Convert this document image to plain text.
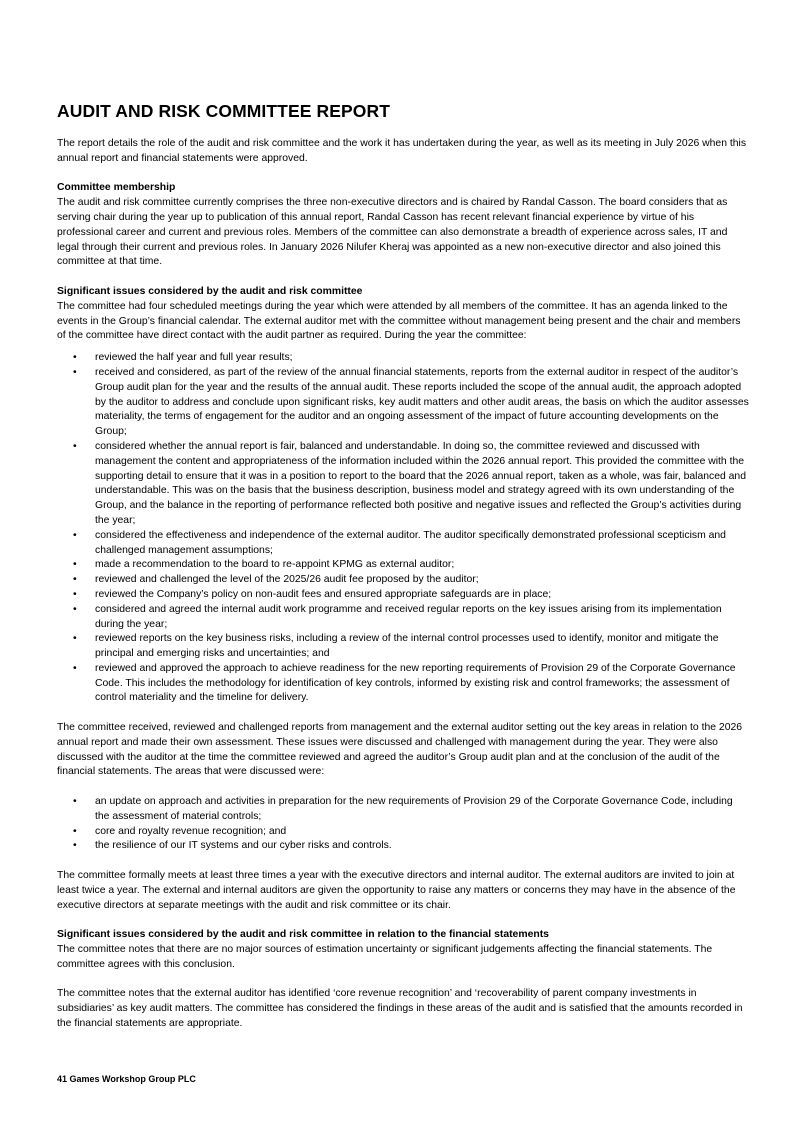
AUDIT AND RISK COMMITTEE REPORT

The report details the role of the audit and risk committee and the work it has undertaken during the year, as well as its meeting in July 2026 when this annual report and financial statements were approved.

Committee membership
The audit and risk committee currently comprises the three non-executive directors and is chaired by Randal Casson. The board considers that as serving chair during the year up to publication of this annual report, Randal Casson has recent relevant financial experience by virtue of his professional career and current and previous roles. Members of the committee can also demonstrate a breadth of experience across sales, IT and legal through their current and previous roles. In January 2026 Nilufer Kheraj was appointed as a new non-executive director and also joined this committee at that time.

Significant issues considered by the audit and risk committee
The committee had four scheduled meetings during the year which were attended by all members of the committee. It has an agenda linked to the events in the Group’s financial calendar. The external auditor met with the committee without management being present and the chair and members of the committee have direct contact with the audit partner as required. During the year the committee:
• reviewed the half year and full year results;
• received and considered, as part of the review of the annual financial statements, reports from the external auditor in respect of the auditor’s Group audit plan for the year and the results of the annual audit. These reports included the scope of the annual audit, the approach adopted by the auditor to address and conclude upon significant risks, key audit matters and other audit areas, the basis on which the auditor assesses materiality, the terms of engagement for the auditor and an ongoing assessment of the impact of future accounting developments on the Group;
• considered whether the annual report is fair, balanced and understandable. In doing so, the committee reviewed and discussed with management the content and appropriateness of the information included within the 2026 annual report. This provided the committee with the supporting detail to ensure that it was in a position to report to the board that the 2026 annual report, taken as a whole, was fair, balanced and understandable. This was on the basis that the business description, business model and strategy agreed with its own understanding of the Group, and the balance in the reporting of performance reflected both positive and negative issues and reflected the Group’s activities during the year;
• considered the effectiveness and independence of the external auditor. The auditor specifically demonstrated professional scepticism and challenged management assumptions;
• made a recommendation to the board to re-appoint KPMG as external auditor;
• reviewed and challenged the level of the 2025/26 audit fee proposed by the auditor;
• reviewed the Company’s policy on non-audit fees and ensured appropriate safeguards are in place;
• considered and agreed the internal audit work programme and received regular reports on the key issues arising from its implementation during the year;
• reviewed reports on the key business risks, including a review of the internal control processes used to identify, monitor and mitigate the principal and emerging risks and uncertainties; and
• reviewed and approved the approach to achieve readiness for the new reporting requirements of Provision 29 of the Corporate Governance Code. This includes the methodology for identification of key controls, informed by existing risk and control frameworks; the assessment of control materiality and the timeline for delivery.

The committee received, reviewed and challenged reports from management and the external auditor setting out the key areas in relation to the 2026 annual report and made their own assessment. These issues were discussed and challenged with management during the year. They were also discussed with the auditor at the time the committee reviewed and agreed the auditor’s Group audit plan and at the conclusion of the audit of the financial statements. The areas that were discussed were:

• an update on approach and activities in preparation for the new requirements of Provision 29 of the Corporate Governance Code, including the assessment of material controls;
• core and royalty revenue recognition; and
• the resilience of our IT systems and our cyber risks and controls.

The committee formally meets at least three times a year with the executive directors and internal auditor. The external auditors are invited to join at least twice a year. The external and internal auditors are given the opportunity to raise any matters or concerns they may have in the absence of the executive directors at separate meetings with the audit and risk committee or its chair.

Significant issues considered by the audit and risk committee in relation to the financial statements
The committee notes that there are no major sources of estimation uncertainty or significant judgements affecting the financial statements. The committee agrees with this conclusion.

The committee notes that the external auditor has identified ‘core revenue recognition’ and ‘recoverability of parent company investments in subsidiaries’ as key audit matters. The committee has considered the findings in these areas of the audit and is satisfied that the amounts recorded in the financial statements are appropriate.

41 Games Workshop Group PLC
